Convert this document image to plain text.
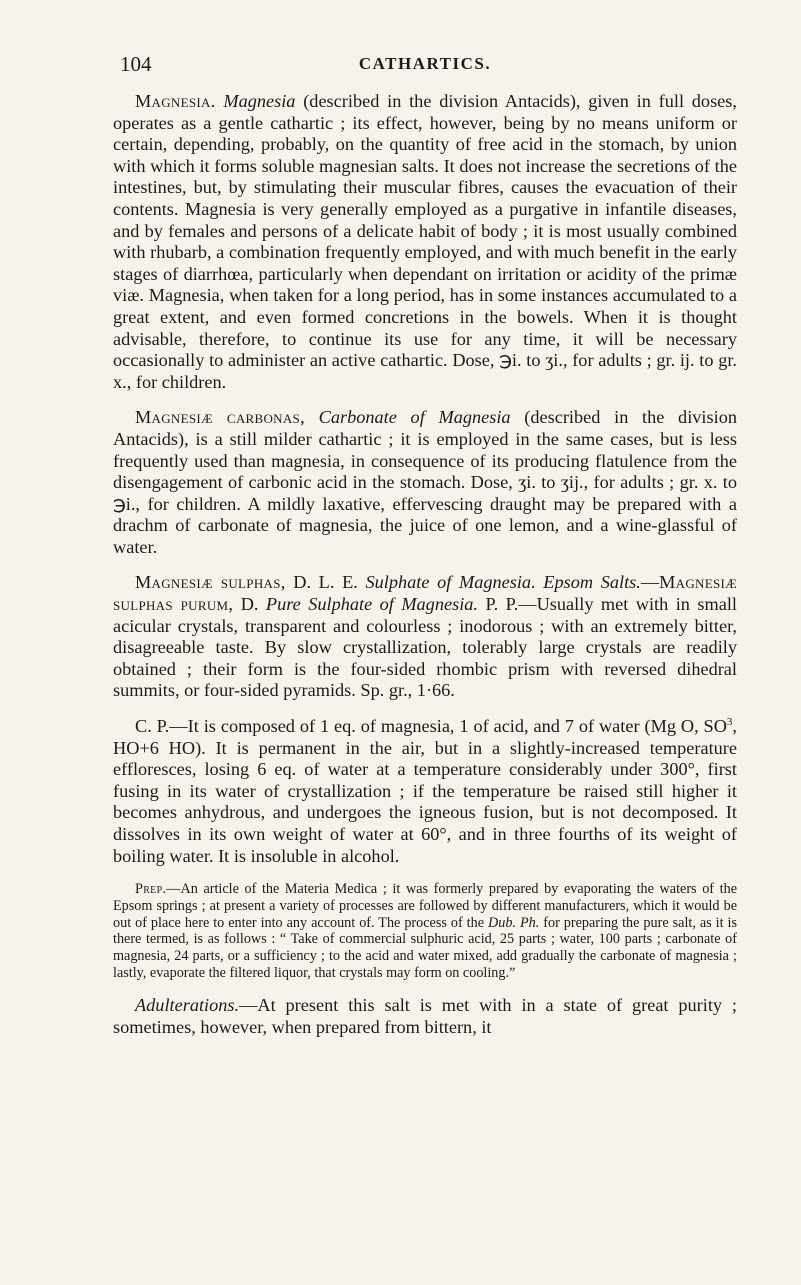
104	CATHARTICS.

Magnesia. Magnesia (described in the division Antacids), given in full doses, operates as a gentle cathartic ; its effect, however, being by no means uniform or certain, depending, probably, on the quantity of free acid in the stomach, by union with which it forms soluble magnesian salts. It does not increase the secretions of the intestines, but, by stimulating their muscular fibres, causes the evacuation of their contents. Magnesia is very generally employed as a purgative in infantile diseases, and by females and persons of a delicate habit of body ; it is most usually combined with rhubarb, a combination frequently employed, and with much benefit in the early stages of diarrhœa, particularly when dependant on irritation or acidity of the primæ viæ. Magnesia, when taken for a long period, has in some instances accumulated to a great extent, and even formed concretions in the bowels. When it is thought advisable, therefore, to continue its use for any time, it will be necessary occasionally to administer an active cathartic. Dose, ℈i. to ʒi., for adults ; gr. ij. to gr. x., for children.

Magnesiæ carbonas, Carbonate of Magnesia (described in the division Antacids), is a still milder cathartic ; it is employed in the same cases, but is less frequently used than magnesia, in consequence of its producing flatulence from the disengagement of carbonic acid in the stomach. Dose, ʒi. to ʒij., for adults ; gr. x. to ℈i., for children. A mildly laxative, effervescing draught may be prepared with a drachm of carbonate of magnesia, the juice of one lemon, and a wine-glassful of water.

Magnesiæ sulphas, D. L. E. Sulphate of Magnesia. Epsom Salts.—Magnesiæ sulphas purum, D. Pure Sulphate of Magnesia. P. P.—Usually met with in small acicular crystals, transparent and colourless ; inodorous ; with an extremely bitter, disagreeable taste. By slow crystallization, tolerably large crystals are readily obtained ; their form is the four-sided rhombic prism with reversed dihedral summits, or four-sided pyramids. Sp. gr., 1·66.

C. P.—It is composed of 1 eq. of magnesia, 1 of acid, and 7 of water (Mg O, $SO^3$, HO+6 HO). It is permanent in the air, but in a slightly-increased temperature effloresces, losing 6 eq. of water at a temperature considerably under 300°, first fusing in its water of crystallization ; if the temperature be raised still higher it becomes anhydrous, and undergoes the igneous fusion, but is not decomposed. It dissolves in its own weight of water at 60°, and in three fourths of its weight of boiling water. It is insoluble in alcohol.

Prep.—An article of the Materia Medica ; it was formerly prepared by evaporating the waters of the Epsom springs ; at present a variety of processes are followed by different manufacturers, which it would be out of place here to enter into any account of. The process of the Dub. Ph. for preparing the pure salt, as it is there termed, is as follows : “ Take of commercial sulphuric acid, 25 parts ; water, 100 parts ; carbonate of magnesia, 24 parts, or a sufficiency ; to the acid and water mixed, add gradually the carbonate of magnesia ; lastly, evaporate the filtered liquor, that crystals may form on cooling.”

Adulterations.—At present this salt is met with in a state of great purity ; sometimes, however, when prepared from bittern, it
